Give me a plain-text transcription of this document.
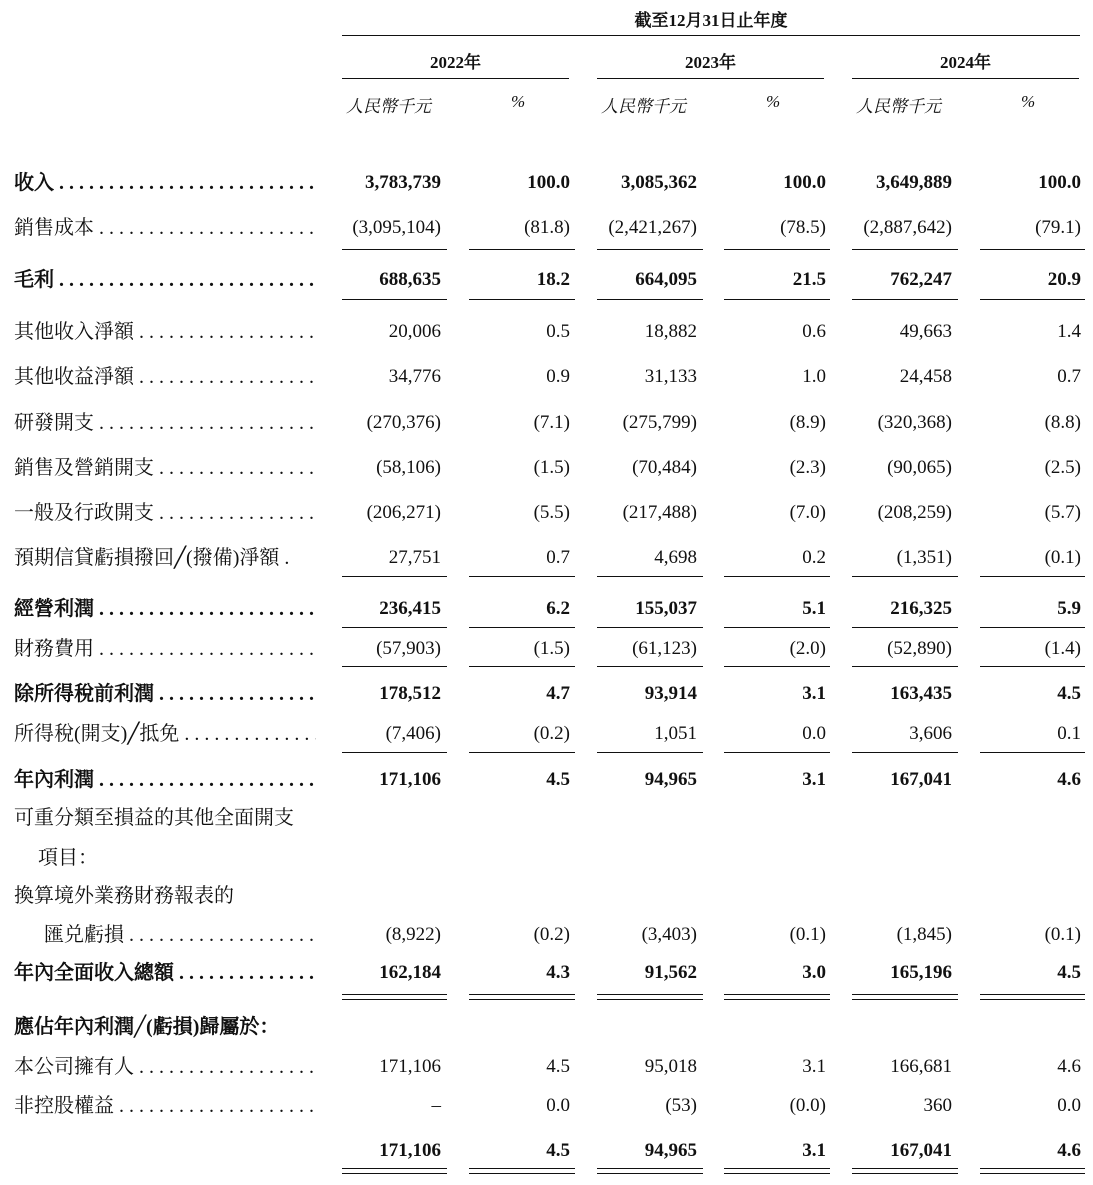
截至12月31日止年度
2022年
人民幣千元	%
2023年
人民幣千元	%
2024年
人民幣千元	%
收入 . . .	3,783,739	100.0	3,085,362	100.0	3,649,889	100.0
銷售成本 . . .	(3,095,104)	(81.8) (2,421,267)	(78.5) (2,887,642)	(79.1)
毛利 . . .	688,635	18.2	664,095	21.5	762,247	20.9
其他收入淨額 . . .	20,006	0.5	18,882	0.6	49,663	1.4
其他收益淨額 . . .	34,776	0.9	31,133	1.0	24,458	0.7
研發開支 . . .	(270,376)	(7.1)	(275,799)	(8.9)	(320,368)	(8.8)
銷售及營銷開支 . . .	(58,106)	(1.5)	(70,484)	(2.3)	(90,065)	(2.5)
一般及行政開支 . . .	(206,271)	(5.5)	(217,488)	(7.0)	(208,259)	(5.7)
預期信貸虧損撥回╱(撥備)淨額 .	27,751	0.7	4,698	0.2	(1,351)	(0.1)
經營利潤 . . .	236,415	6.2	155,037	5.1	216,325	5.9
財務費用 . . .	(57,903)	(1.5)	(61,123)	(2.0)	(52,890)	(1.4)
除所得稅前利潤 . . .	178,512	4.7	93,914	3.1	163,435	4.5
所得稅(開支)╱抵免 . . .	(7,406)	(0.2)	1,051	0.0	3,606	0.1
年內利潤 . . .	171,106	4.5	94,965	3.1	167,041	4.6
可重分類至損益的其他全面開支
項目：
換算境外業務財務報表的
匯兑虧損 . . .	(8,922)	(0.2)	(3,403)	(0.1)	(1,845)	(0.1)
年內全面收入總額 . . .	162,184	4.3	91,562	3.0	165,196	4.5
應佔年內利潤╱(虧損)歸屬於：
本公司擁有人 . . .	171,106	4.5	95,018	3.1	166,681	4.6
非控股權益 . . .	–	0.0	(53)	(0.0)	360	0.0
171,106	4.5	94,965	3.1	167,041	4.6
